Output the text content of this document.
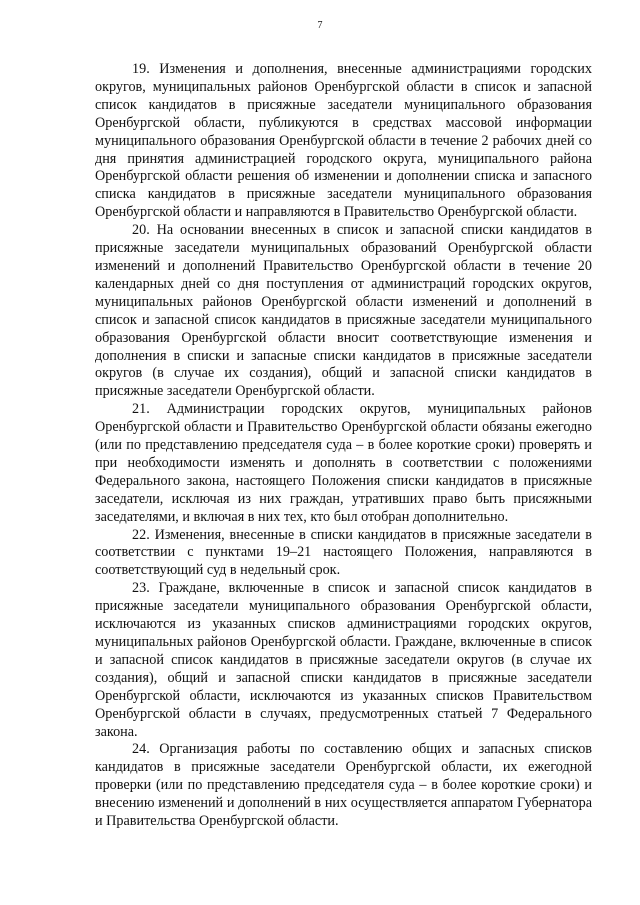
7

19. Изменения и дополнения, внесенные администрациями городских округов, муниципальных районов Оренбургской области в список и запасной список кандидатов в присяжные заседатели муниципального образования Оренбургской области, публикуются в средствах массовой информации муниципального образования Оренбургской области в течение 2 рабочих дней со дня принятия администрацией городского округа, муниципального района Оренбургской области решения об изменении и дополнении списка и запасного списка кандидатов в присяжные заседатели муниципального образования Оренбургской области и направляются в Правительство Оренбургской области.

20. На основании внесенных в список и запасной списки кандидатов в присяжные заседатели муниципальных образований Оренбургской области изменений и дополнений Правительство Оренбургской области в течение 20 календарных дней со дня поступления от администраций городских округов, муниципальных районов Оренбургской области изменений и дополнений в список и запасной список кандидатов в присяжные заседатели муниципального образования Оренбургской области вносит соответствующие изменения и дополнения в списки и запасные списки кандидатов в присяжные заседатели округов (в случае их создания), общий и запасной списки кандидатов в присяжные заседатели Оренбургской области.

21. Администрации городских округов, муниципальных районов Оренбургской области и Правительство Оренбургской области обязаны ежегодно (или по представлению председателя суда – в более короткие сроки) проверять и при необходимости изменять и дополнять в соответствии с положениями Федерального закона, настоящего Положения списки кандидатов в присяжные заседатели, исключая из них граждан, утративших право быть присяжными заседателями, и включая в них тех, кто был отобран дополнительно.

22. Изменения, внесенные в списки кандидатов в присяжные заседатели в соответствии с пунктами 19–21 настоящего Положения, направляются в соответствующий суд в недельный срок.

23. Граждане, включенные в список и запасной список кандидатов в присяжные заседатели муниципального образования Оренбургской области, исключаются из указанных списков администрациями городских округов, муниципальных районов Оренбургской области. Граждане, включенные в список и запасной список кандидатов в присяжные заседатели округов (в случае их создания), общий и запасной списки кандидатов в присяжные заседатели Оренбургской области, исключаются из указанных списков Правительством Оренбургской области в случаях, предусмотренных статьей 7 Федерального закона.

24. Организация работы по составлению общих и запасных списков кандидатов в присяжные заседатели Оренбургской области, их ежегодной проверки (или по представлению председателя суда – в более короткие сроки) и внесению изменений и дополнений в них осуществляется аппаратом Губернатора и Правительства Оренбургской области.
